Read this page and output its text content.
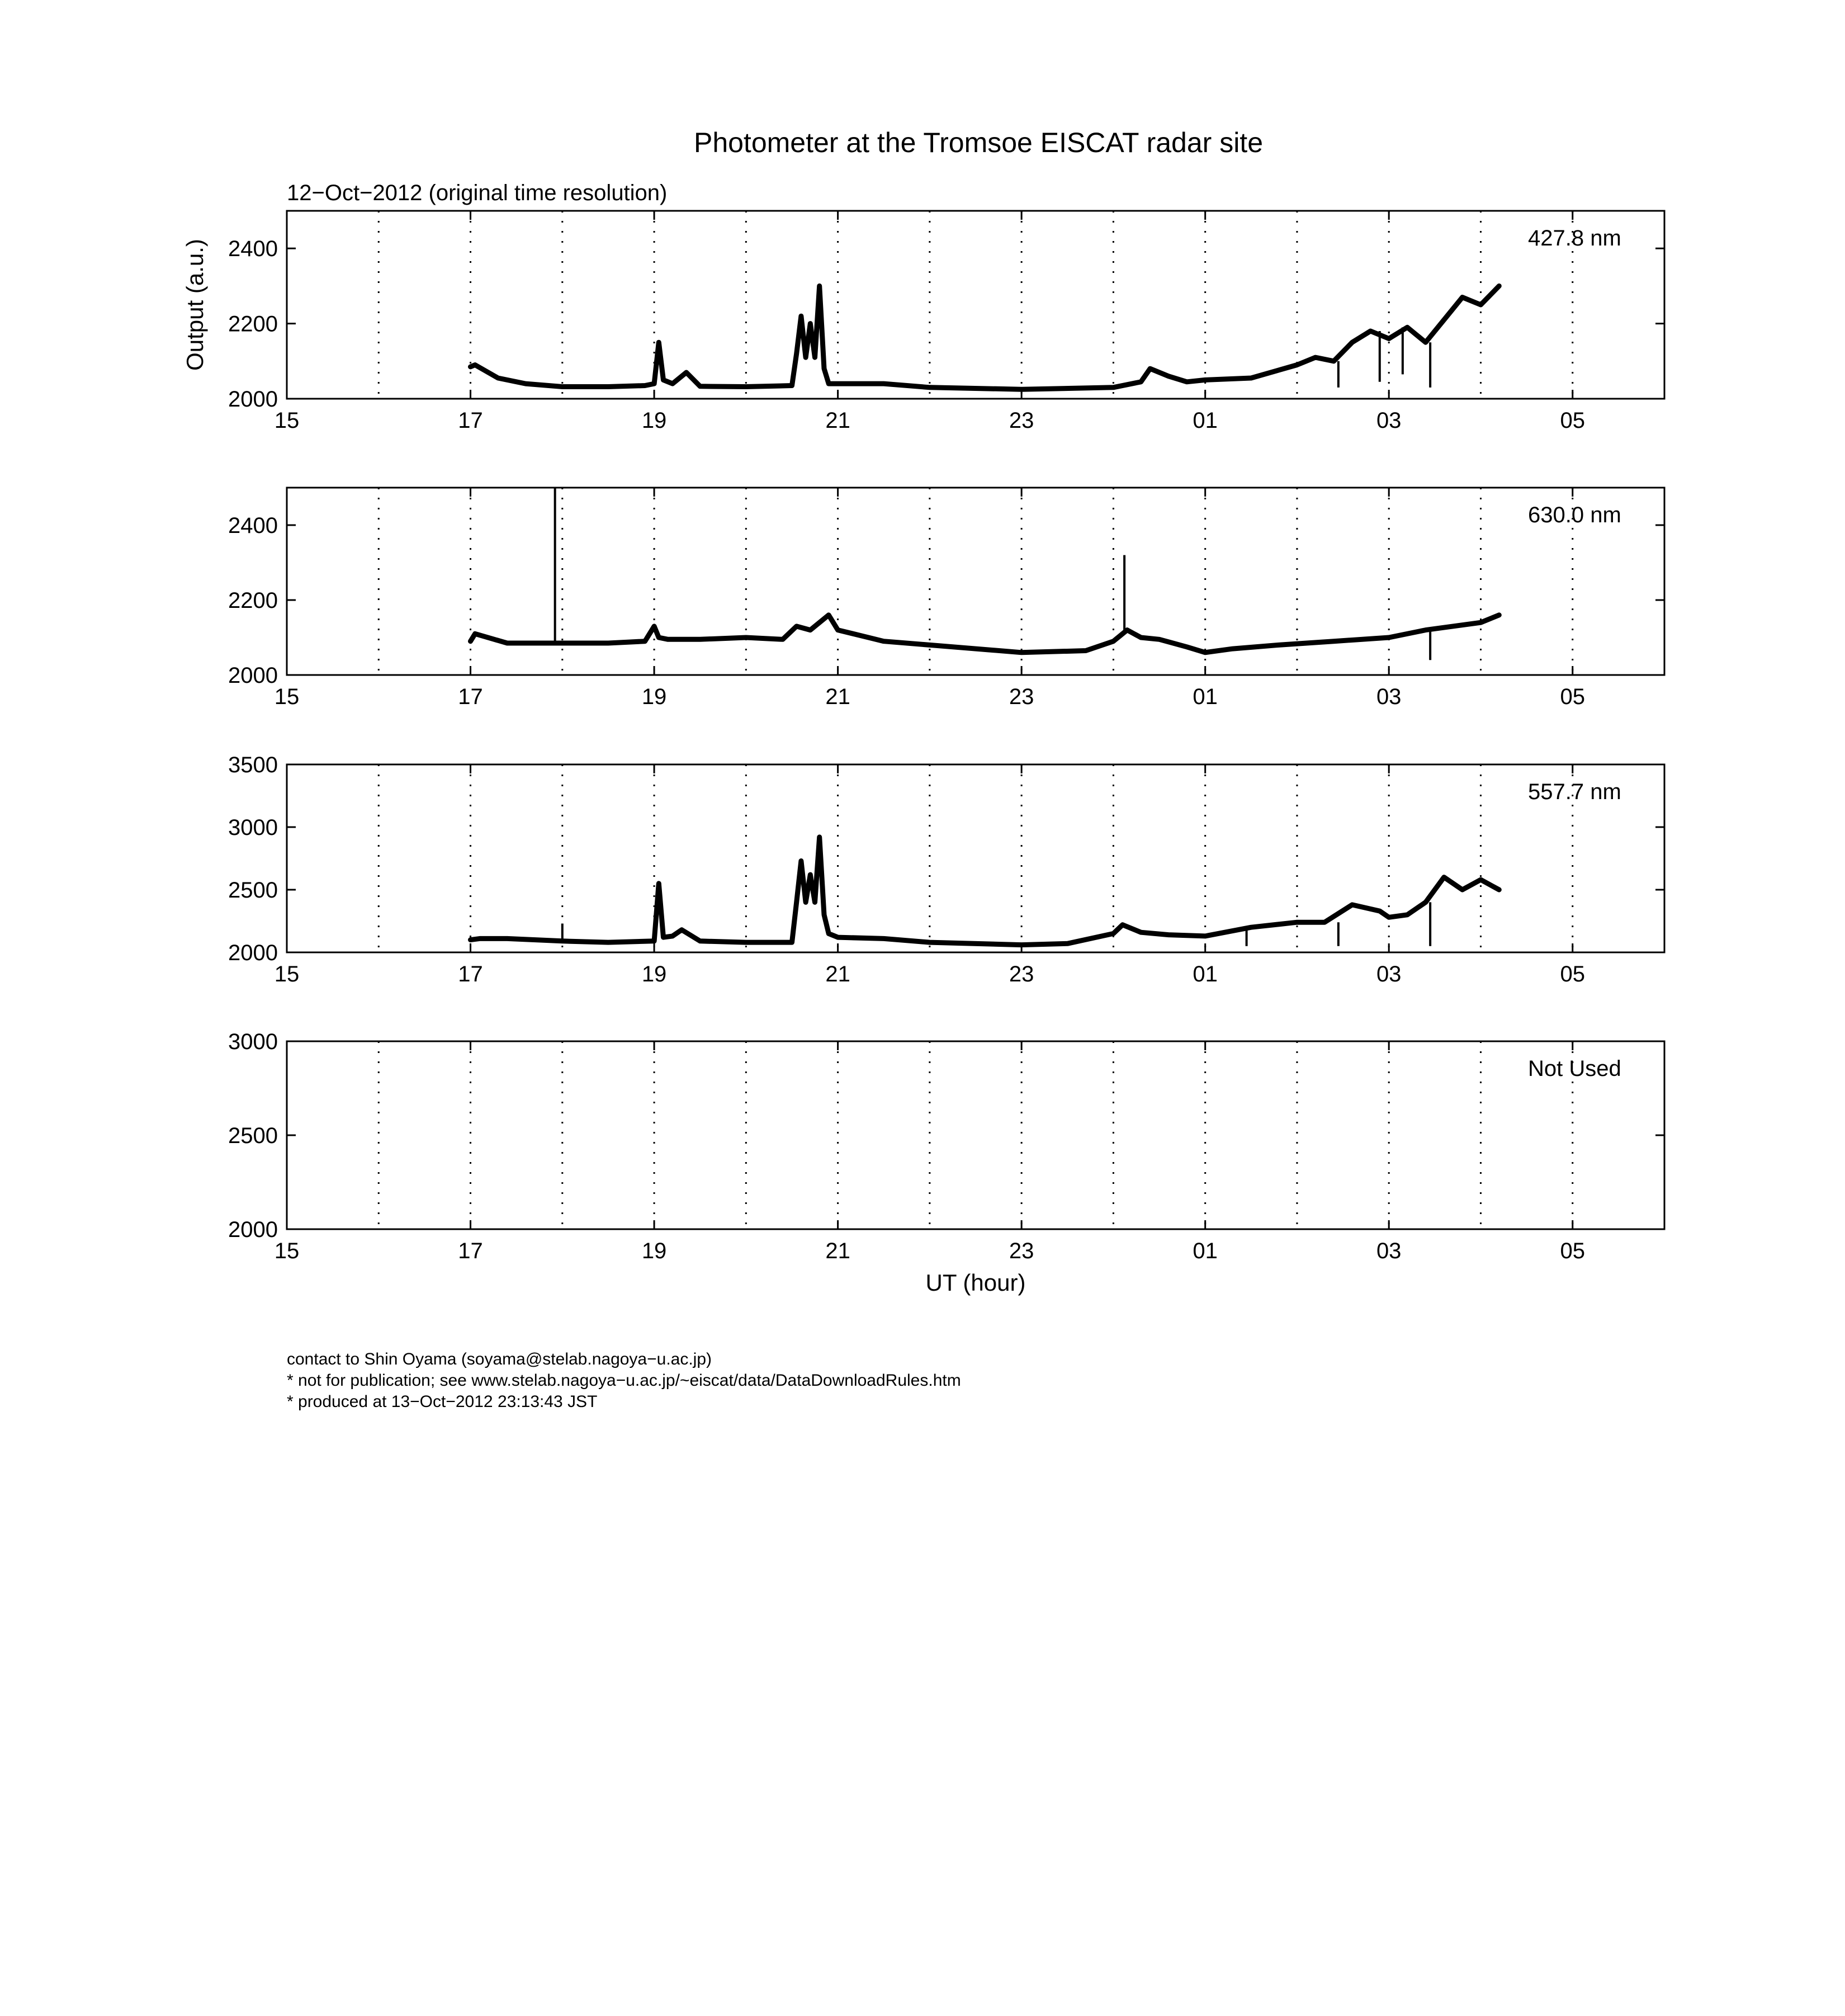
Photometer at the Tromsoe EISCAT radar site
12−Oct−2012 (original time resolution)
15	17	19	21	23	01	03	05
2000
2200
2400	427.8 nm
Output (a.u.)
15	17	19	21	23	01	03	05
2000
2200
2400	630.0 nm
15	17	19	21	23	01	03	05
2000
2500
3000
3500
557.7 nm
15	17	19	21	23	01	03	05
2000
2500
3000
Not Used
UT (hour)
contact to Shin Oyama (soyama@stelab.nagoya−u.ac.jp)
* not for publication; see www.stelab.nagoya−u.ac.jp/~eiscat/data/DataDownloadRules.htm
* produced at 13−Oct−2012 23:13:43 JST
